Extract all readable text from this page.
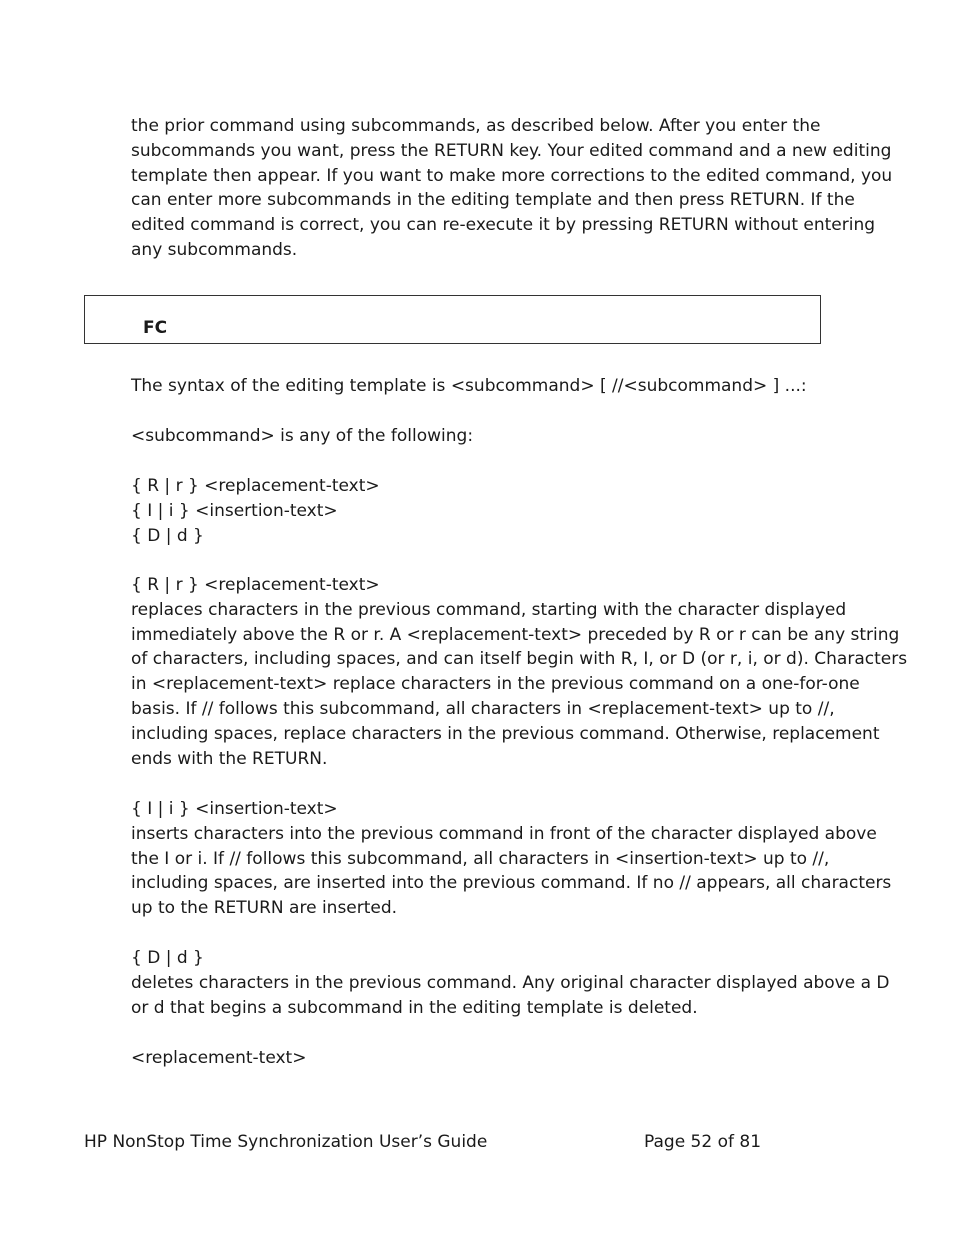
the prior command using subcommands, as described below. After you enter the
subcommands you want, press the RETURN key. Your edited command and a new editing
template then appear. If you want to make more corrections to the edited command, you
can enter more subcommands in the editing template and then press RETURN. If the
edited command is correct, you can re-execute it by pressing RETURN without entering
any subcommands.
FC
The syntax of the editing template is <subcommand> [ //<subcommand> ] ...:
<subcommand> is any of the following:
{ R | r } <replacement-text>
{ I | i } <insertion-text>
{ D | d }
{ R | r } <replacement-text>
replaces characters in the previous command, starting with the character displayed
immediately above the R or r. A <replacement-text> preceded by R or r can be any string
of characters, including spaces, and can itself begin with R, I, or D (or r, i, or d). Characters
in <replacement-text> replace characters in the previous command on a one-for-one
basis. If // follows this subcommand, all characters in <replacement-text> up to //,
including spaces, replace characters in the previous command. Otherwise, replacement
ends with the RETURN.
{ I | i } <insertion-text>
inserts characters into the previous command in front of the character displayed above
the I or i. If // follows this subcommand, all characters in <insertion-text> up to //,
including spaces, are inserted into the previous command. If no // appears, all characters
up to the RETURN are inserted.
{ D | d }
deletes characters in the previous command. Any original character displayed above a D
or d that begins a subcommand in the editing template is deleted.
<replacement-text>
HP NonStop Time Synchronization User’s Guide	Page 52 of 81
